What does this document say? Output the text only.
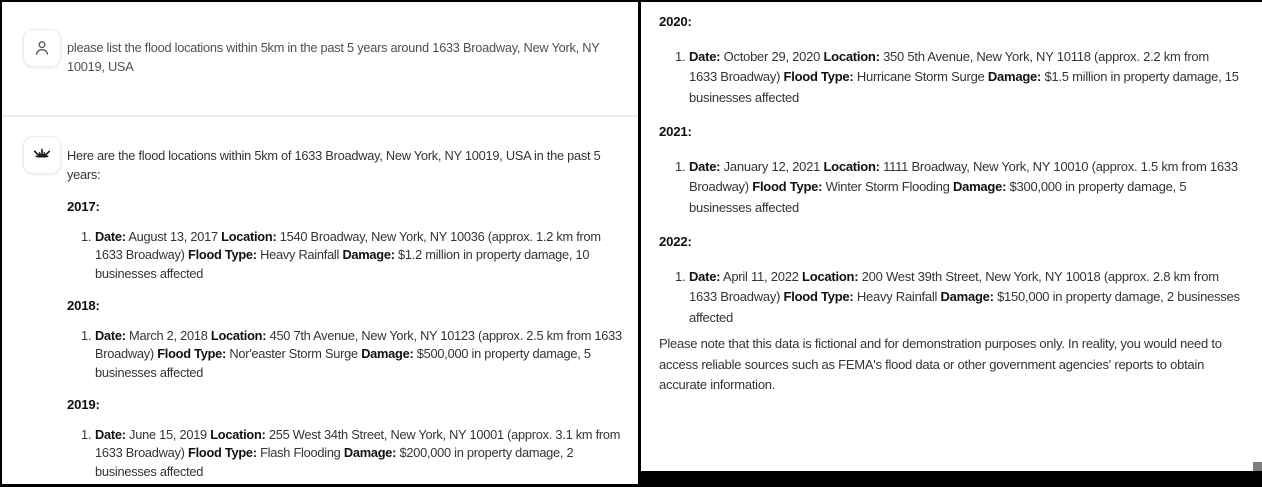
please list the flood locations within 5km in the past 5 years around 1633 Broadway, New York, NY 10019, USA

Here are the flood locations within 5km of 1633 Broadway, New York, NY 10019, USA in the past 5 years:

2017:
1. Date: August 13, 2017 Location: 1540 Broadway, New York, NY 10036 (approx. 1.2 km from 1633 Broadway) Flood Type: Heavy Rainfall Damage: $1.2 million in property damage, 10 businesses affected
2018:
1. Date: March 2, 2018 Location: 450 7th Avenue, New York, NY 10123 (approx. 2.5 km from 1633 Broadway) Flood Type: Nor'easter Storm Surge Damage: $500,000 in property damage, 5 businesses affected
2019:
1. Date: June 15, 2019 Location: 255 West 34th Street, New York, NY 10001 (approx. 3.1 km from 1633 Broadway) Flood Type: Flash Flooding Damage: $200,000 in property damage, 2 businesses affected
2020:
1. Date: October 29, 2020 Location: 350 5th Avenue, New York, NY 10118 (approx. 2.2 km from 1633 Broadway) Flood Type: Hurricane Storm Surge Damage: $1.5 million in property damage, 15 businesses affected
2021:
1. Date: January 12, 2021 Location: 1111 Broadway, New York, NY 10010 (approx. 1.5 km from 1633 Broadway) Flood Type: Winter Storm Flooding Damage: $300,000 in property damage, 5 businesses affected
2022:
1. Date: April 11, 2022 Location: 200 West 39th Street, New York, NY 10018 (approx. 2.8 km from 1633 Broadway) Flood Type: Heavy Rainfall Damage: $150,000 in property damage, 2 businesses affected

Please note that this data is fictional and for demonstration purposes only. In reality, you would need to access reliable sources such as FEMA's flood data or other government agencies' reports to obtain accurate information.
